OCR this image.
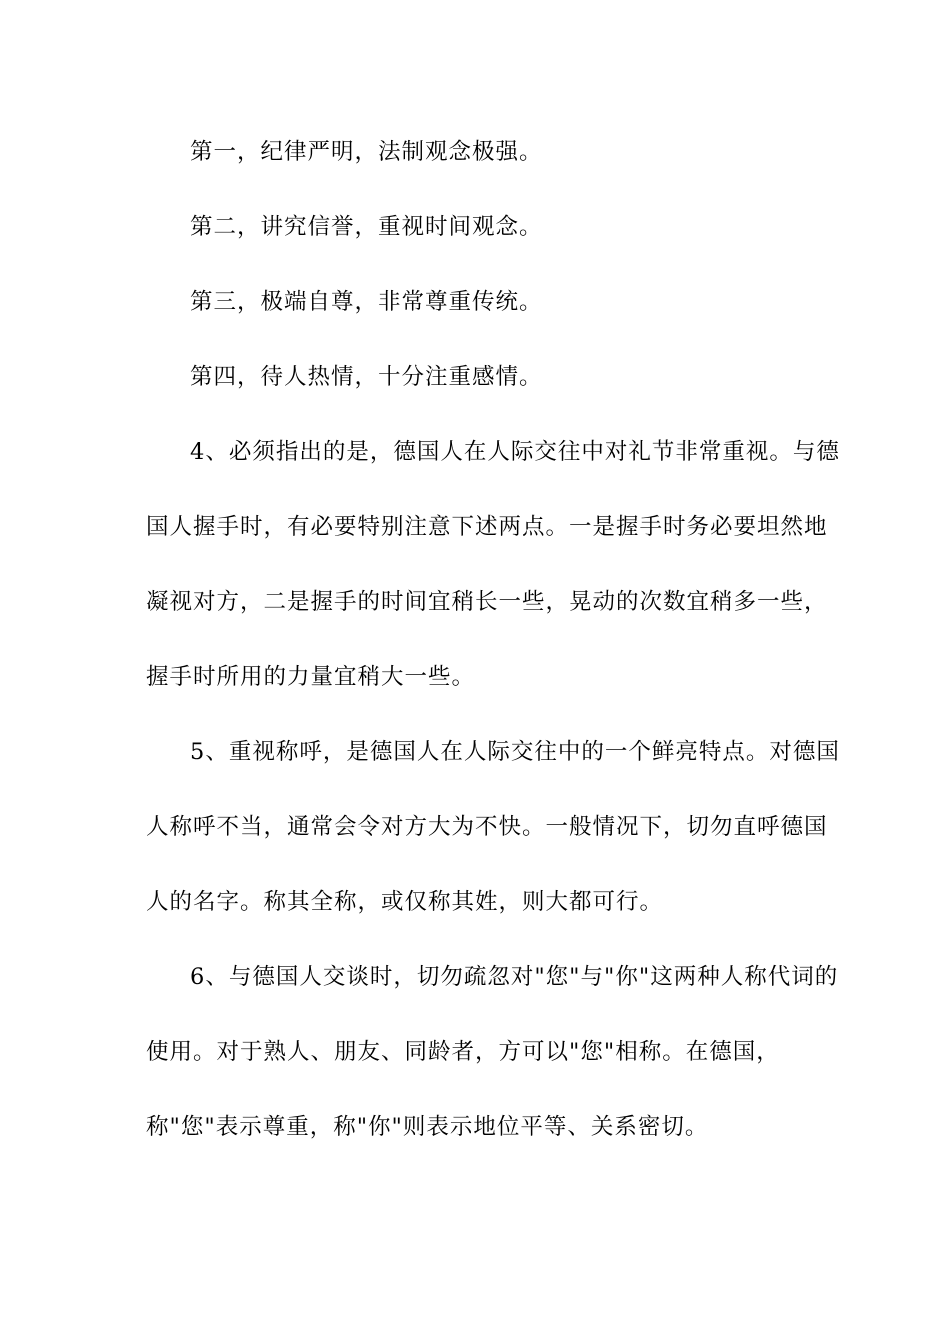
第一，纪律严明，法制观念极强。
第二，讲究信誉，重视时间观念。
第三，极端自尊，非常尊重传统。
第四，待人热情，十分注重感情。
4、必须指出的是，德国人在人际交往中对礼节非常重视。与德
国人握手时，有必要特别注意下述两点。一是握手时务必要坦然地
凝视对方，二是握手的时间宜稍长一些，晃动的次数宜稍多一些，
握手时所用的力量宜稍大一些。
5、重视称呼，是德国人在人际交往中的一个鲜亮特点。对德国
人称呼不当，通常会令对方大为不快。一般情况下，切勿直呼德国
人的名字。称其全称，或仅称其姓，则大都可行。
6、与德国人交谈时，切勿疏忽对"您"与"你"这两种人称代词的
使用。对于熟人、朋友、同龄者，方可以"您"相称。在德国，
称"您"表示尊重，称"你"则表示地位平等、关系密切。
